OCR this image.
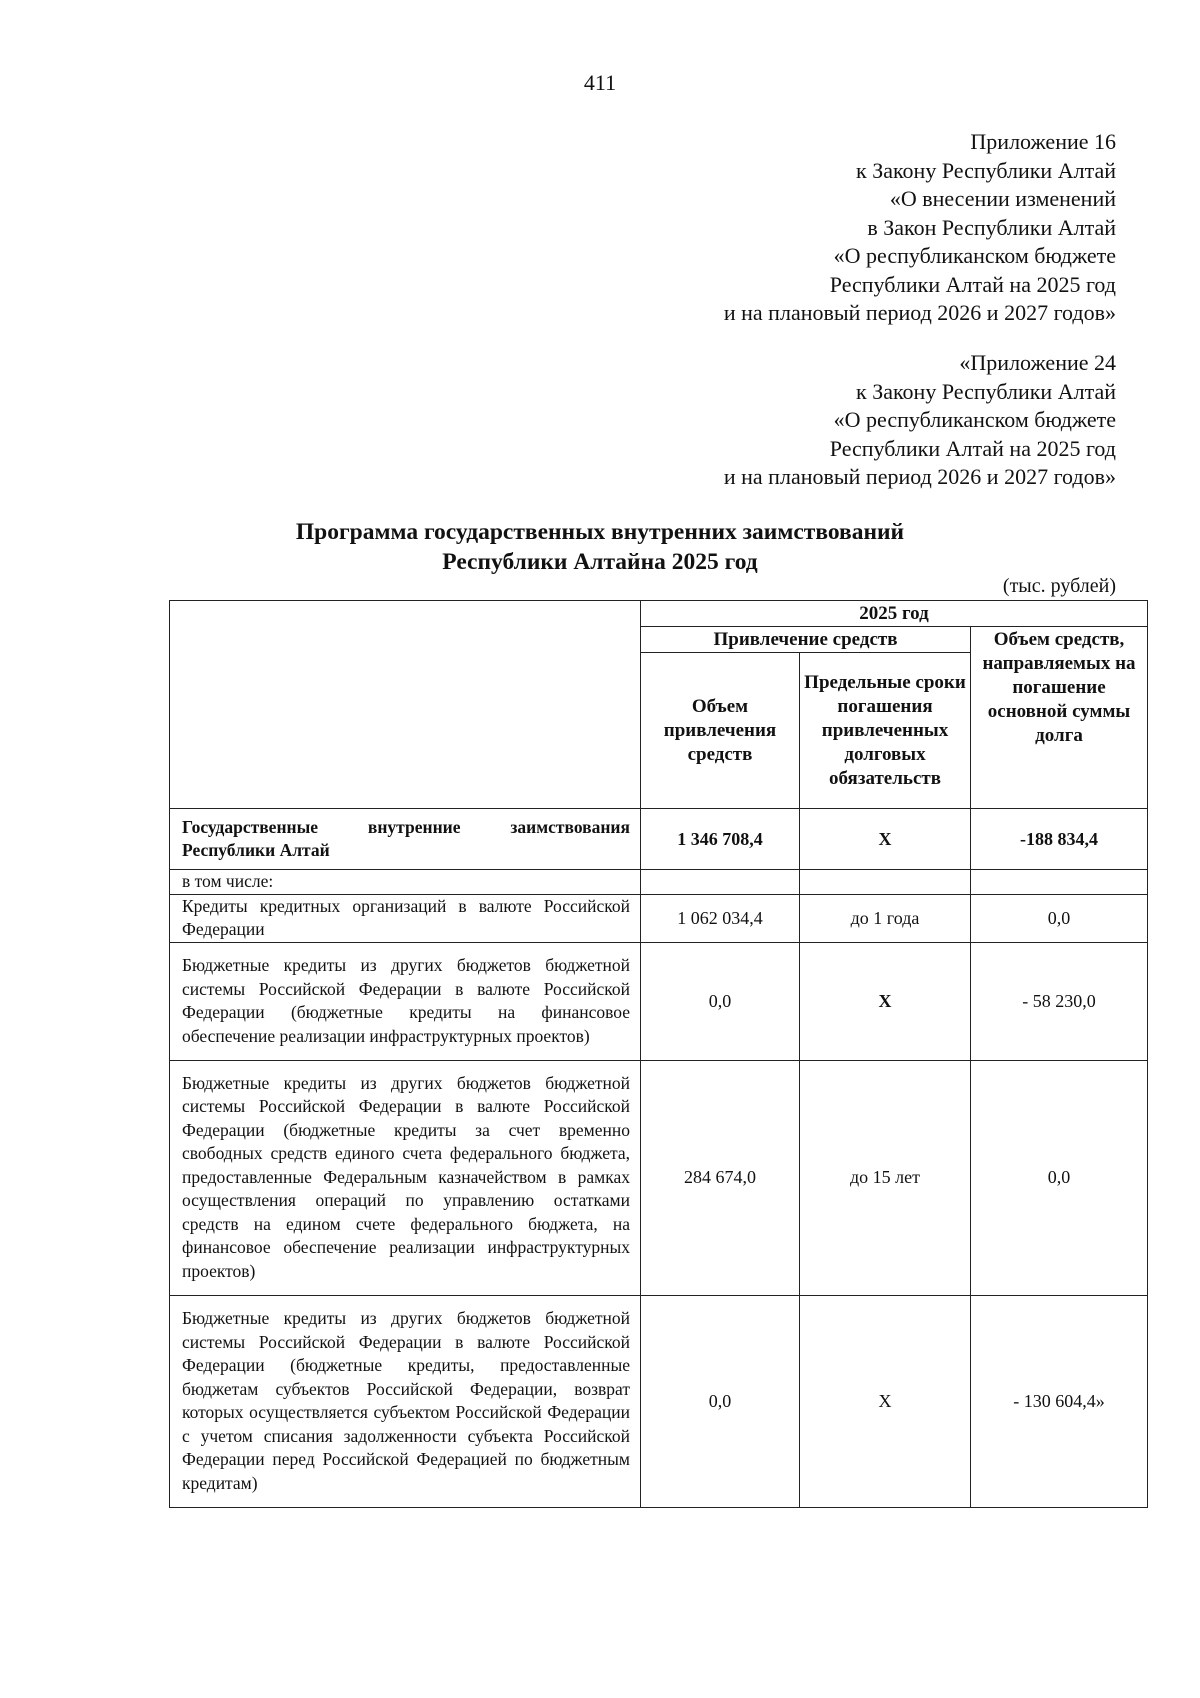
411
Приложение 16
к Закону Республики Алтай
«О внесении изменений
в Закон Республики Алтай
«О республиканском бюджете
Республики Алтай на 2025 год
и на плановый период 2026 и 2027 годов»
«Приложение 24
к Закону Республики Алтай
«О республиканском бюджете
Республики Алтай на 2025 год
и на плановый период 2026 и 2027 годов»
Программа государственных внутренних заимствований
Республики Алтайна 2025 год
(тыс. рублей)
	2025 год		
	Привлечение средств		Объем средств, направляемых на погашение основной суммы долга
	Объем привлечения средств	Предельные сроки погашения привлеченных долговых обязательств	
Государственные внутренние заимствования Республики Алтай	1 346 708,4	Х	-188 834,4
в том числе:			
Кредиты кредитных организаций в валюте Российской Федерации	1 062 034,4	до 1 года	0,0
Бюджетные кредиты из других бюджетов бюджетной системы Российской Федерации в валюте Российской Федерации (бюджетные кредиты на финансовое обеспечение реализации инфраструктурных проектов)	0,0	Х	- 58 230,0
Бюджетные кредиты из других бюджетов бюджетной системы Российской Федерации в валюте Российской Федерации (бюджетные кредиты за счет временно свободных средств единого счета федерального бюджета, предоставленные Федеральным казначейством в рамках осуществления операций по управлению остатками средств на едином счете федерального бюджета, на финансовое обеспечение реализации инфраструктурных проектов)	284 674,0	до 15 лет	0,0
Бюджетные кредиты из других бюджетов бюджетной системы Российской Федерации в валюте Российской Федерации (бюджетные кредиты, предоставленные бюджетам субъектов Российской Федерации, возврат которых осуществляется субъектом Российской Федерации с учетом списания задолженности субъекта Российской Федерации перед Российской Федерацией по бюджетным кредитам)	0,0	Х	- 130 604,4»
